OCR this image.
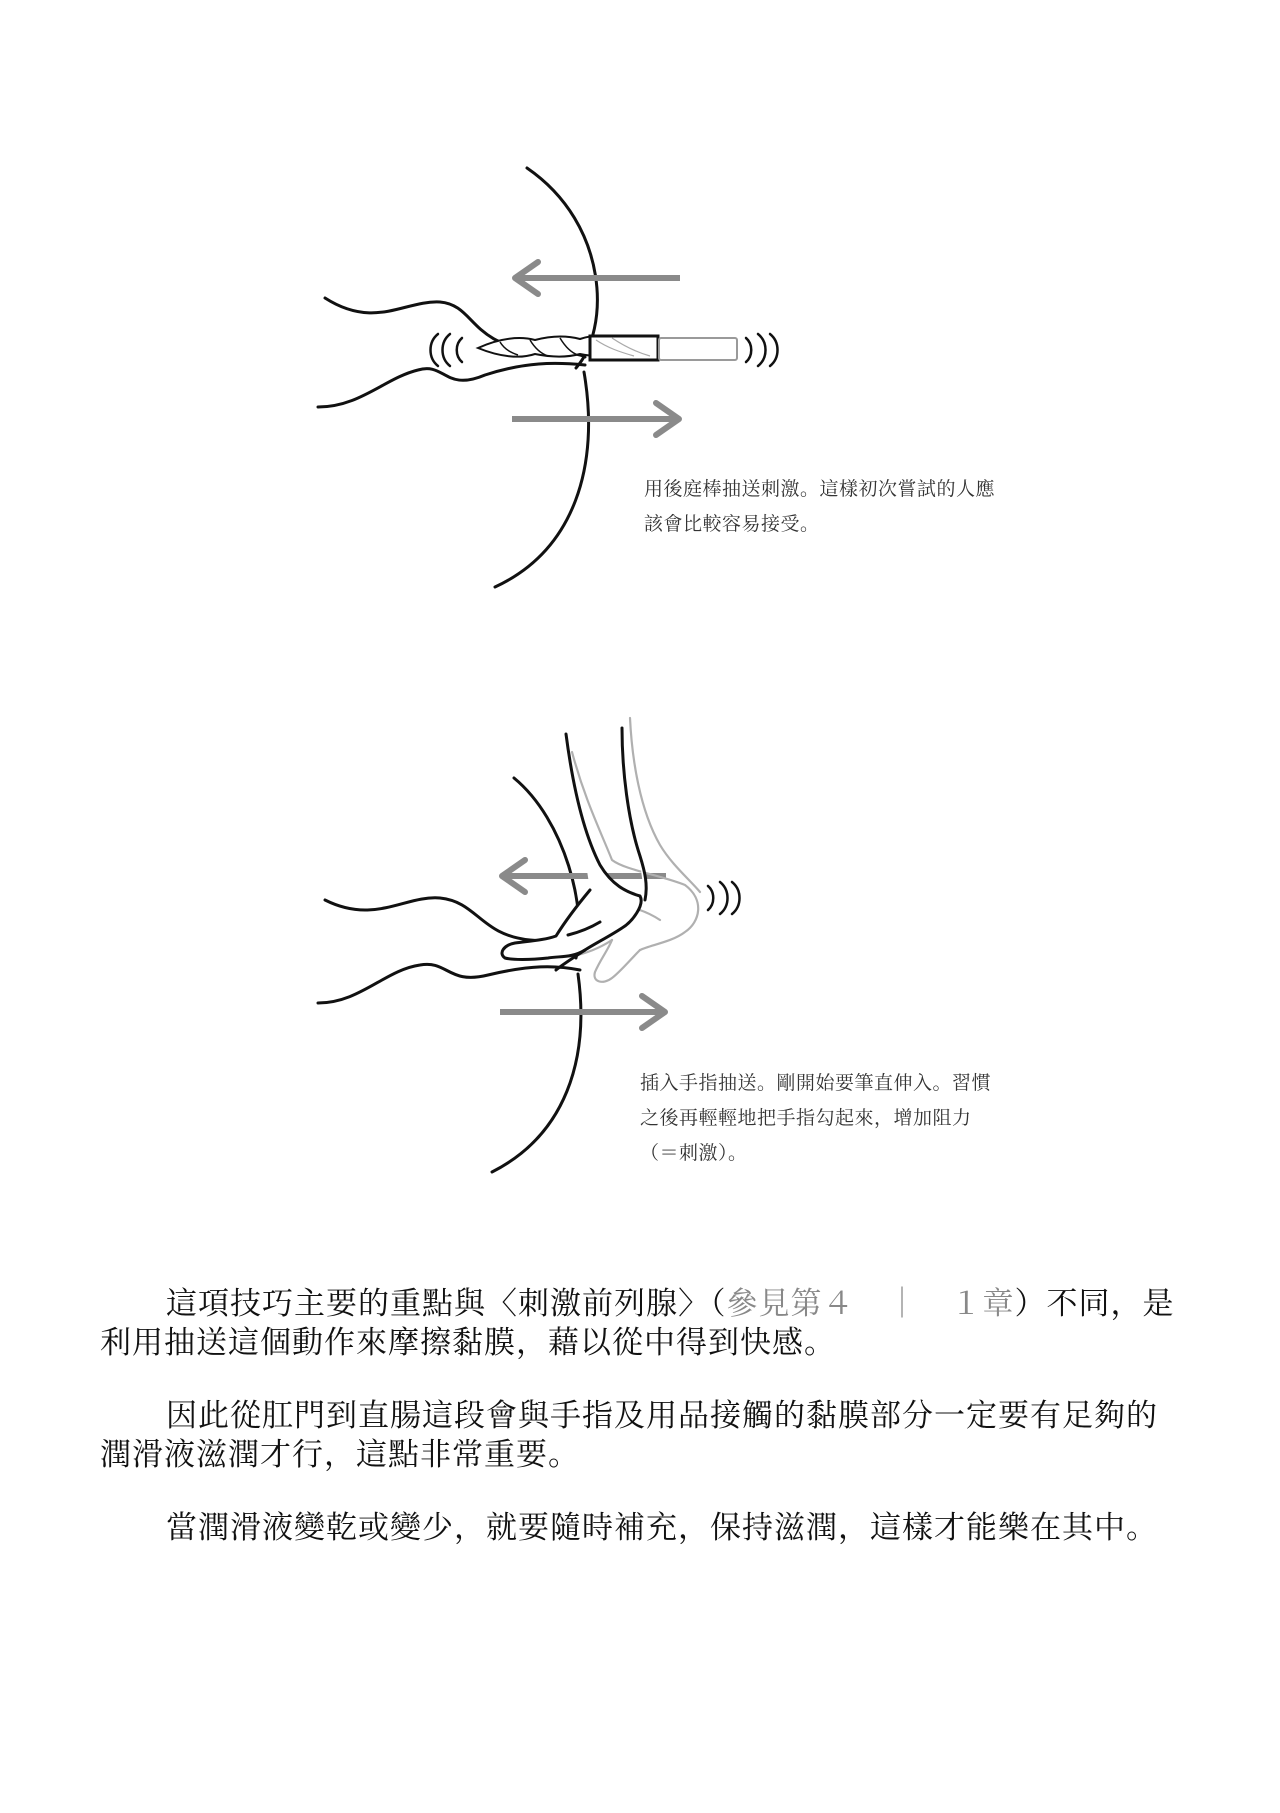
用後庭棒抽送刺激。這樣初次嘗試的人應
該會比較容易接受。

插入手指抽送。剛開始要筆直伸入。習慣
之後再輕輕地把手指勾起來，增加阻力
（＝刺激）。

這項技巧主要的重點與〈刺激前列腺〉（參見第４　｜　１章）不同，是利用抽送這個動作來摩擦黏膜，藉以從中得到快感。

因此從肛門到直腸這段會與手指及用品接觸的黏膜部分一定要有足夠的潤滑液滋潤才行，這點非常重要。

當潤滑液變乾或變少，就要隨時補充，保持滋潤，這樣才能樂在其中。
